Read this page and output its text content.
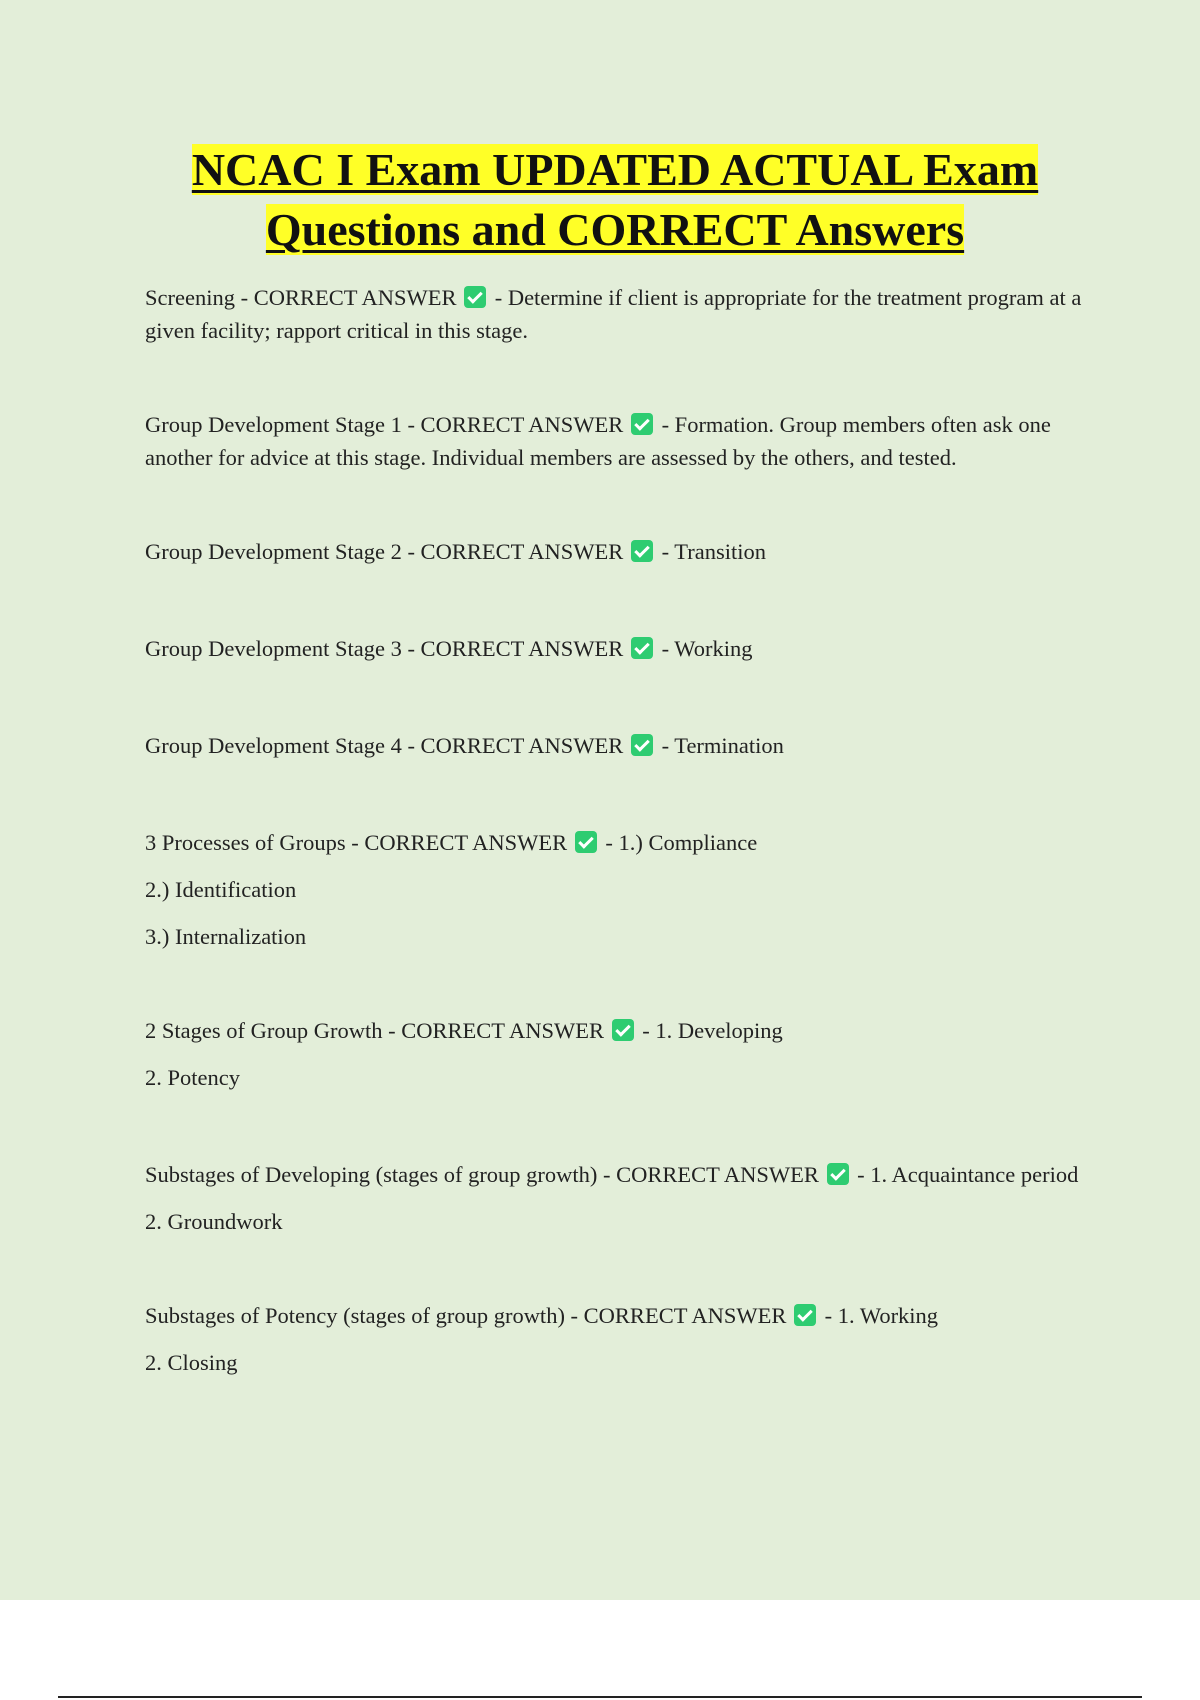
NCAC I Exam UPDATED ACTUAL Exam
Questions and CORRECT Answers

Screening - CORRECT ANSWER - Determine if client is appropriate for the treatment program at a given facility; rapport critical in this stage.

Group Development Stage 1 - CORRECT ANSWER - Formation. Group members often ask one another for advice at this stage. Individual members are assessed by the others, and tested.

Group Development Stage 2 - CORRECT ANSWER - Transition

Group Development Stage 3 - CORRECT ANSWER - Working

Group Development Stage 4 - CORRECT ANSWER - Termination

3 Processes of Groups - CORRECT ANSWER - 1.) Compliance

2.) Identification

3.) Internalization

2 Stages of Group Growth - CORRECT ANSWER - 1. Developing

2. Potency

Substages of Developing (stages of group growth) - CORRECT ANSWER - 1. Acquaintance period

2. Groundwork

Substages of Potency (stages of group growth) - CORRECT ANSWER - 1. Working

2. Closing
